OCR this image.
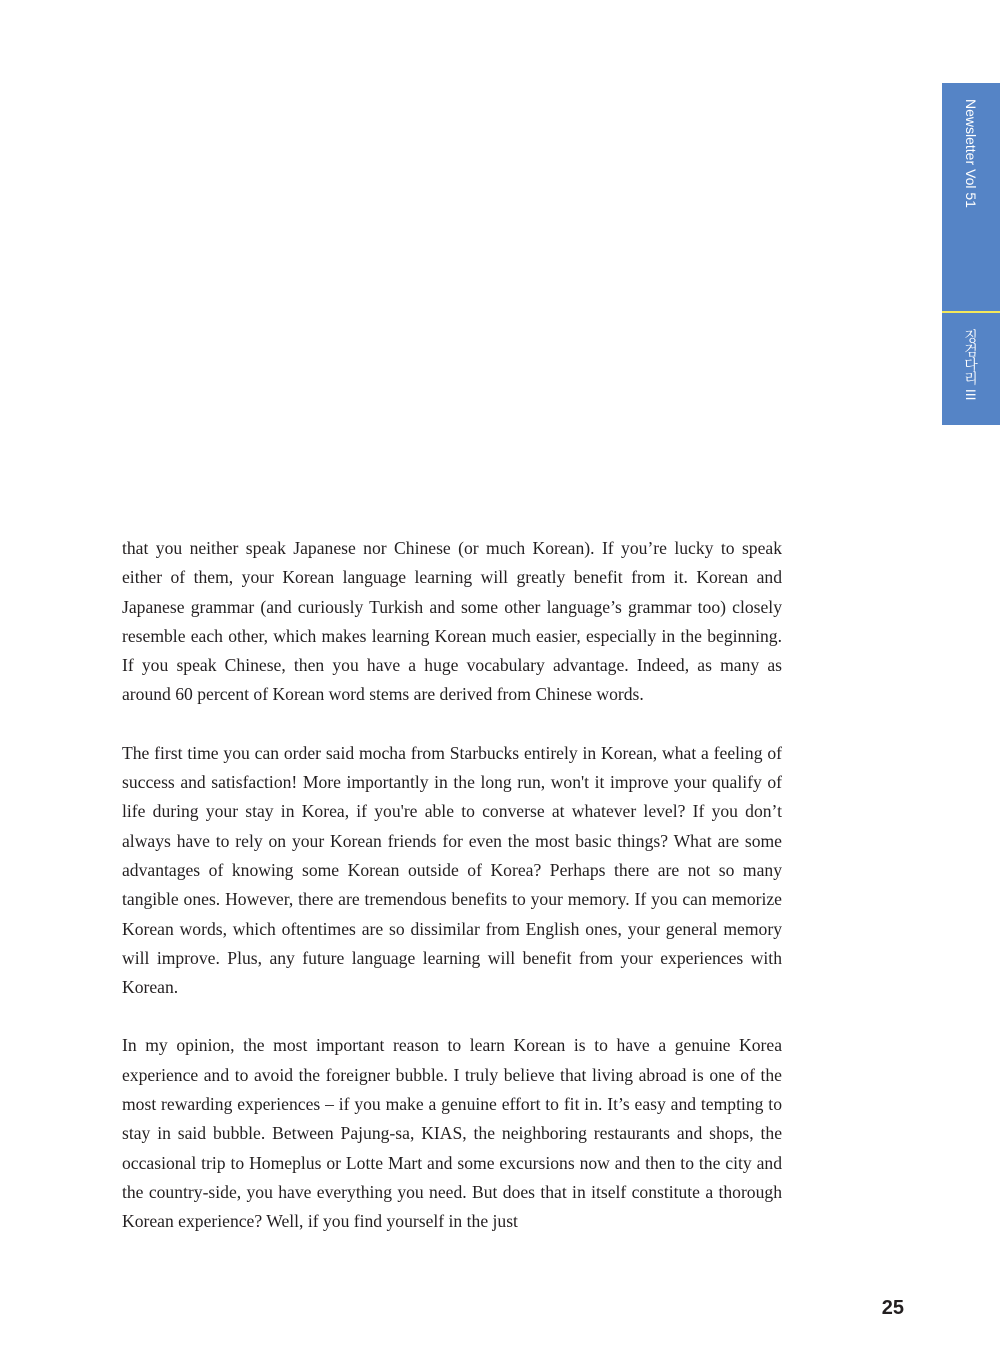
Newsletter Vol 51
징검다리 III

that you neither speak Japanese nor Chinese (or much Korean). If you’re lucky to speak either of them, your Korean language learning will greatly benefit from it. Korean and Japanese grammar (and curiously Turkish and some other language’s grammar too) closely resemble each other, which makes learning Korean much easier, especially in the beginning. If you speak Chinese, then you have a huge vocabulary advantage. Indeed, as many as around 60 percent of Korean word stems are derived from Chinese words.

The first time you can order said mocha from Starbucks entirely in Korean, what a feeling of success and satisfaction! More importantly in the long run, won't it improve your qualify of life during your stay in Korea, if you're able to converse at whatever level? If you don’t always have to rely on your Korean friends for even the most basic things? What are some advantages of knowing some Korean outside of Korea? Perhaps there are not so many tangible ones. However, there are tremendous benefits to your memory. If you can memorize Korean words, which oftentimes are so dissimilar from English ones, your general memory will improve. Plus, any future language learning will benefit from your experiences with Korean.

In my opinion, the most important reason to learn Korean is to have a genuine Korea experience and to avoid the foreigner bubble. I truly believe that living abroad is one of the most rewarding experiences – if you make a genuine effort to fit in. It’s easy and tempting to stay in said bubble. Between Pajung-sa, KIAS, the neighboring restaurants and shops, the occasional trip to Homeplus or Lotte Mart and some excursions now and then to the city and the country-side, you have everything you need. But does that in itself constitute a thorough Korean experience? Well, if you find yourself in the just

25
